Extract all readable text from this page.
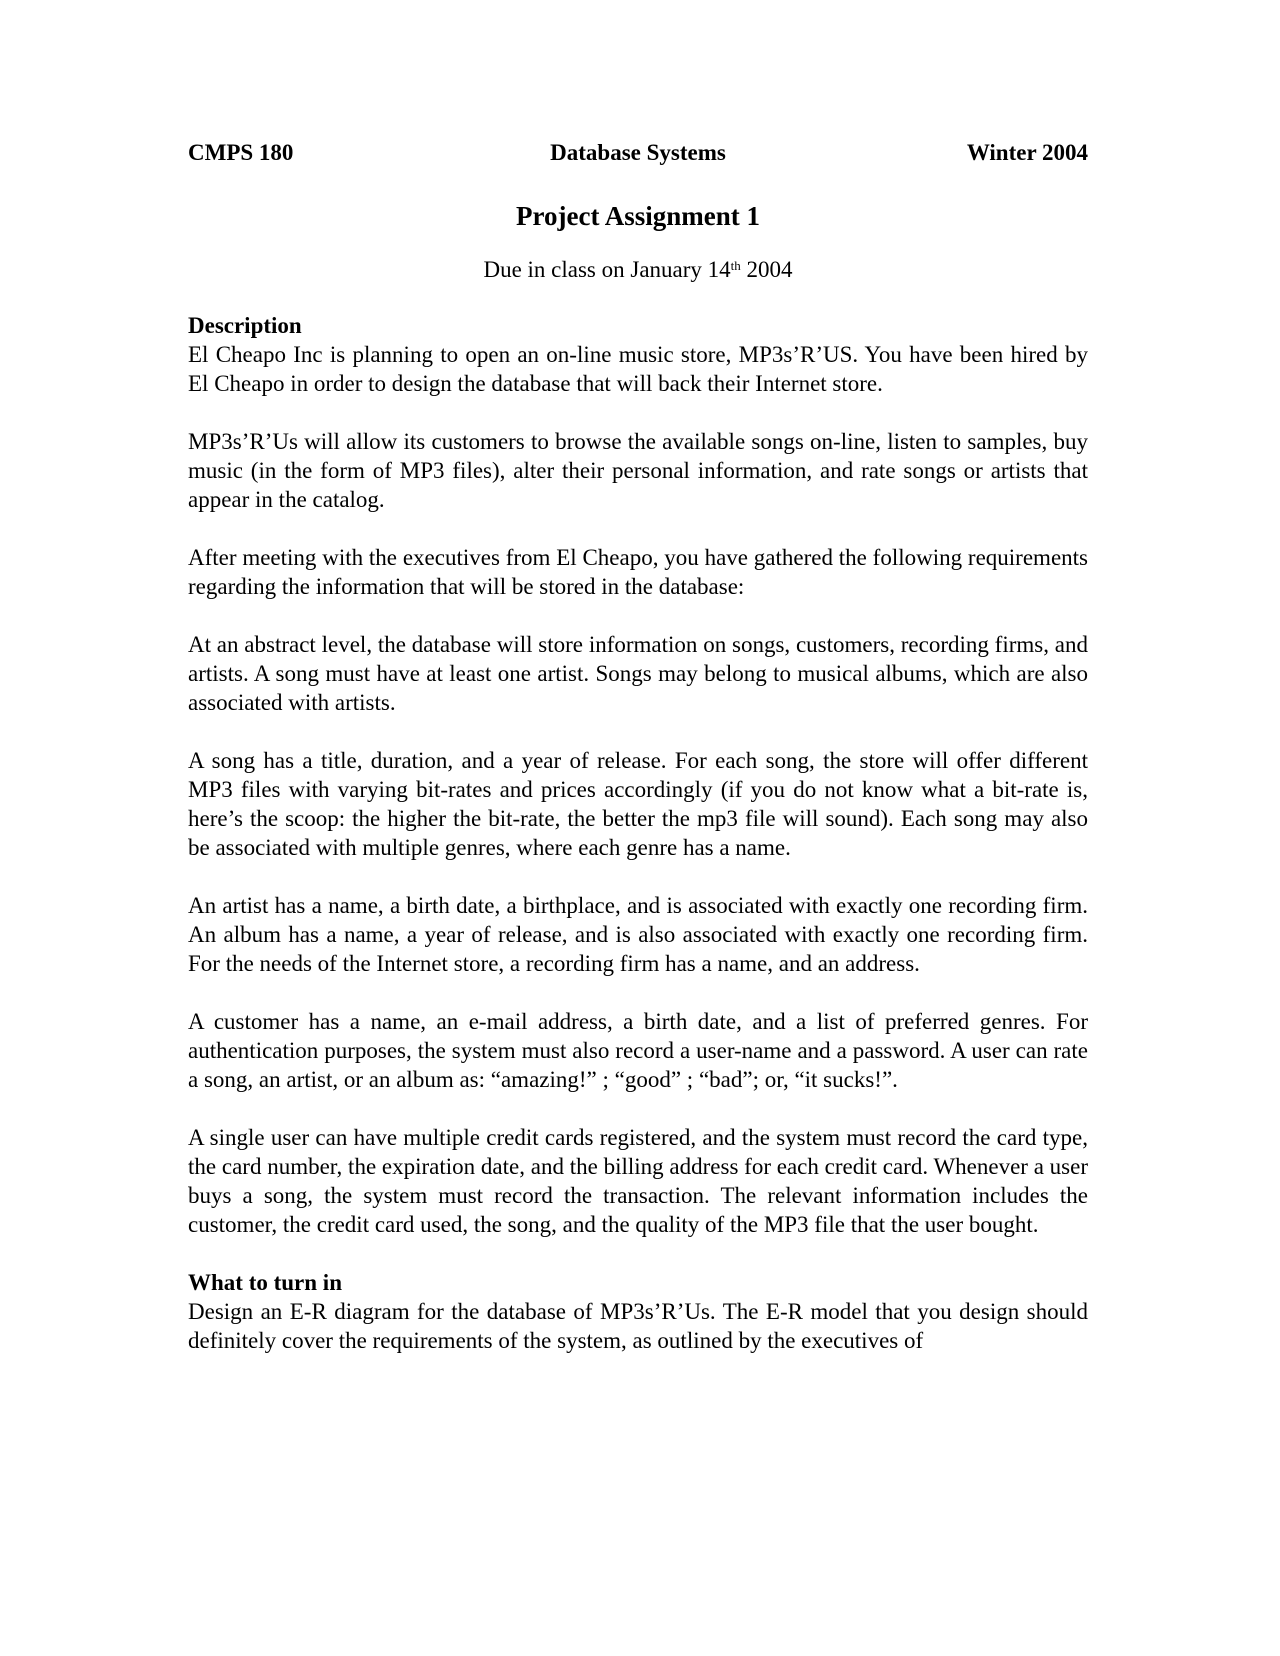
CMPS 180	Database Systems	Winter 2004
Project Assignment 1
Due in class on January 14th 2004
Description

El Cheapo Inc is planning to open an on-line music store, MP3s’R’US. You have been hired by El Cheapo in order to design the database that will back their Internet store.

MP3s’R’Us will allow its customers to browse the available songs on-line, listen to samples, buy music (in the form of MP3 files), alter their personal information, and rate songs or artists that appear in the catalog.

After meeting with the executives from El Cheapo, you have gathered the following requirements regarding the information that will be stored in the database:

At an abstract level, the database will store information on songs, customers, recording firms, and artists. A song must have at least one artist. Songs may belong to musical albums, which are also associated with artists.

A song has a title, duration, and a year of release. For each song, the store will offer different MP3 files with varying bit-rates and prices accordingly (if you do not know what a bit-rate is, here’s the scoop: the higher the bit-rate, the better the mp3 file will sound). Each song may also be associated with multiple genres, where each genre has a name.

An artist has a name, a birth date, a birthplace, and is associated with exactly one recording firm. An album has a name, a year of release, and is also associated with exactly one recording firm. For the needs of the Internet store, a recording firm has a name, and an address.

A customer has a name, an e-mail address, a birth date, and a list of preferred genres. For authentication purposes, the system must also record a user-name and a password. A user can rate a song, an artist, or an album as: “amazing!” ; “good” ; “bad”; or, “it sucks!”.

A single user can have multiple credit cards registered, and the system must record the card type, the card number, the expiration date, and the billing address for each credit card. Whenever a user buys a song, the system must record the transaction. The relevant information includes the customer, the credit card used, the song, and the quality of the MP3 file that the user bought.

What to turn in

Design an E-R diagram for the database of MP3s’R’Us. The E-R model that you design should definitely cover the requirements of the system, as outlined by the executives of
